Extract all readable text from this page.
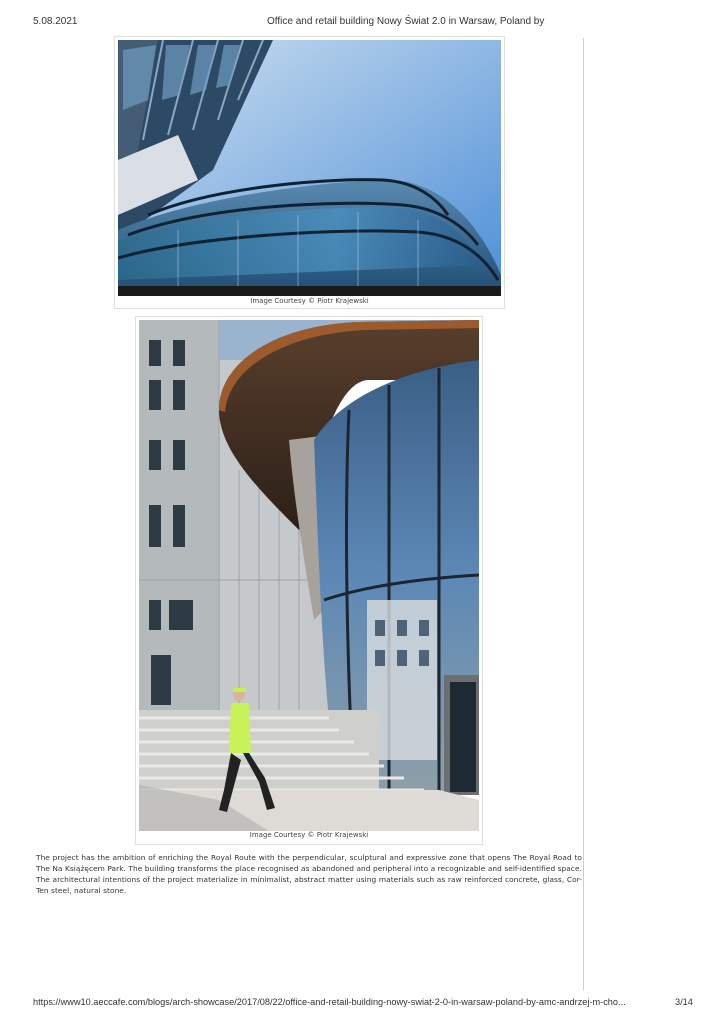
5.08.2021	Office and retail building Nowy Świat 2.0 in Warsaw, Poland by
Image Courtesy © Piotr Krajewski
Image Courtesy © Piotr Krajewski
The project has the ambition of enriching the Royal Route with the perpendicular, sculptural and expressive zone that opens The Royal Road to The Na Książęcem Park. The building transforms the place recognised as abandoned and peripheral into a recognizable and self-identified space. The architectural intentions of the project materialize in minimalist, abstract matter using materials such as raw reinforced concrete, glass, Cor- Ten steel, natural stone.
https://www10.aeccafe.com/blogs/arch-showcase/2017/08/22/office-and-retail-building-nowy-swiat-2-0-in-warsaw-poland-by-amc-andrzej-m-cho...	3/14
